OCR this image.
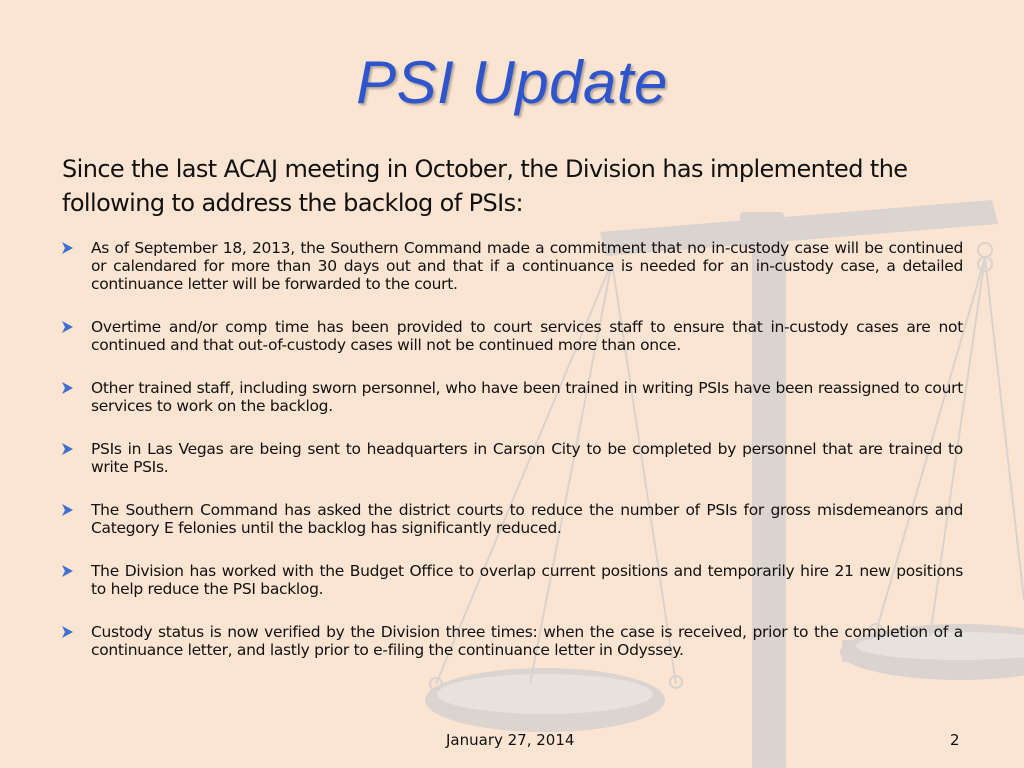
PSI Update
Since the last ACAJ meeting in October, the Division has implemented the following to address the backlog of PSIs:
As of September 18, 2013, the Southern Command made a commitment that no in-custody case will be continued or calendared for more than 30 days out and that if a continuance is needed for an in-custody case, a detailed continuance letter will be forwarded to the court.
Overtime and/or comp time has been provided to court services staff to ensure that in-custody cases are not continued and that out-of-custody cases will not be continued more than once.
Other trained staff, including sworn personnel, who have been trained in writing PSIs have been reassigned to court services to work on the backlog.
PSIs in Las Vegas are being sent to headquarters in Carson City to be completed by personnel that are trained to write PSIs.
The Southern Command has asked the district courts to reduce the number of PSIs for gross misdemeanors and Category E felonies until the backlog has significantly reduced.
The Division has worked with the Budget Office to overlap current positions and temporarily hire 21 new positions to help reduce the PSI backlog.
Custody status is now verified by the Division three times: when the case is received, prior to the completion of a continuance letter, and lastly prior to e-filing the continuance letter in Odyssey.
January 27, 2014	2
